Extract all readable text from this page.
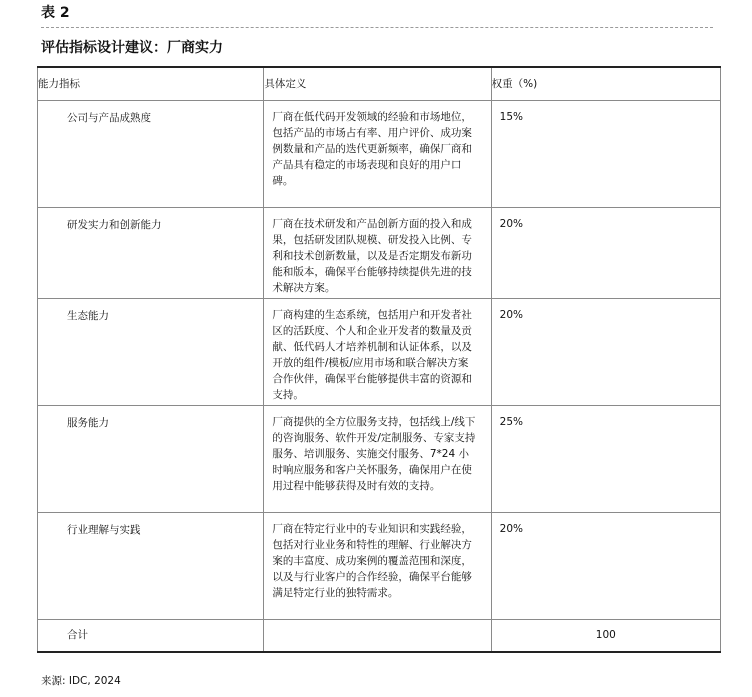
表 2
评估指标设计建议：厂商实力
能力指标	具体定义	权重（%)
公司与产品成熟度	厂商在低代码开发领域的经验和市场地位，包括产品的市场占有率、用户评价、成功案例数量和产品的迭代更新频率，确保厂商和产品具有稳定的市场表现和良好的用户口碑。	15%
研发实力和创新能力	厂商在技术研发和产品创新方面的投入和成果，包括研发团队规模、研发投入比例、专利和技术创新数量，以及是否定期发布新功能和版本，确保平台能够持续提供先进的技术解决方案。	20%
生态能力	厂商构建的生态系统，包括用户和开发者社区的活跃度、个人和企业开发者的数量及贡献、低代码人才培养机制和认证体系，以及开放的组件/模板/应用市场和联合解决方案合作伙伴，确保平台能够提供丰富的资源和支持。	20%
服务能力	厂商提供的全方位服务支持，包括线上/线下的咨询服务、软件开发/定制服务、专家支持服务、培训服务、实施交付服务、7*24 小时响应服务和客户关怀服务，确保用户在使用过程中能够获得及时有效的支持。	25%
行业理解与实践	厂商在特定行业中的专业知识和实践经验，包括对行业业务和特性的理解、行业解决方案的丰富度、成功案例的覆盖范围和深度，以及与行业客户的合作经验，确保平台能够满足特定行业的独特需求。	20%
合计		100
来源: IDC, 2024
